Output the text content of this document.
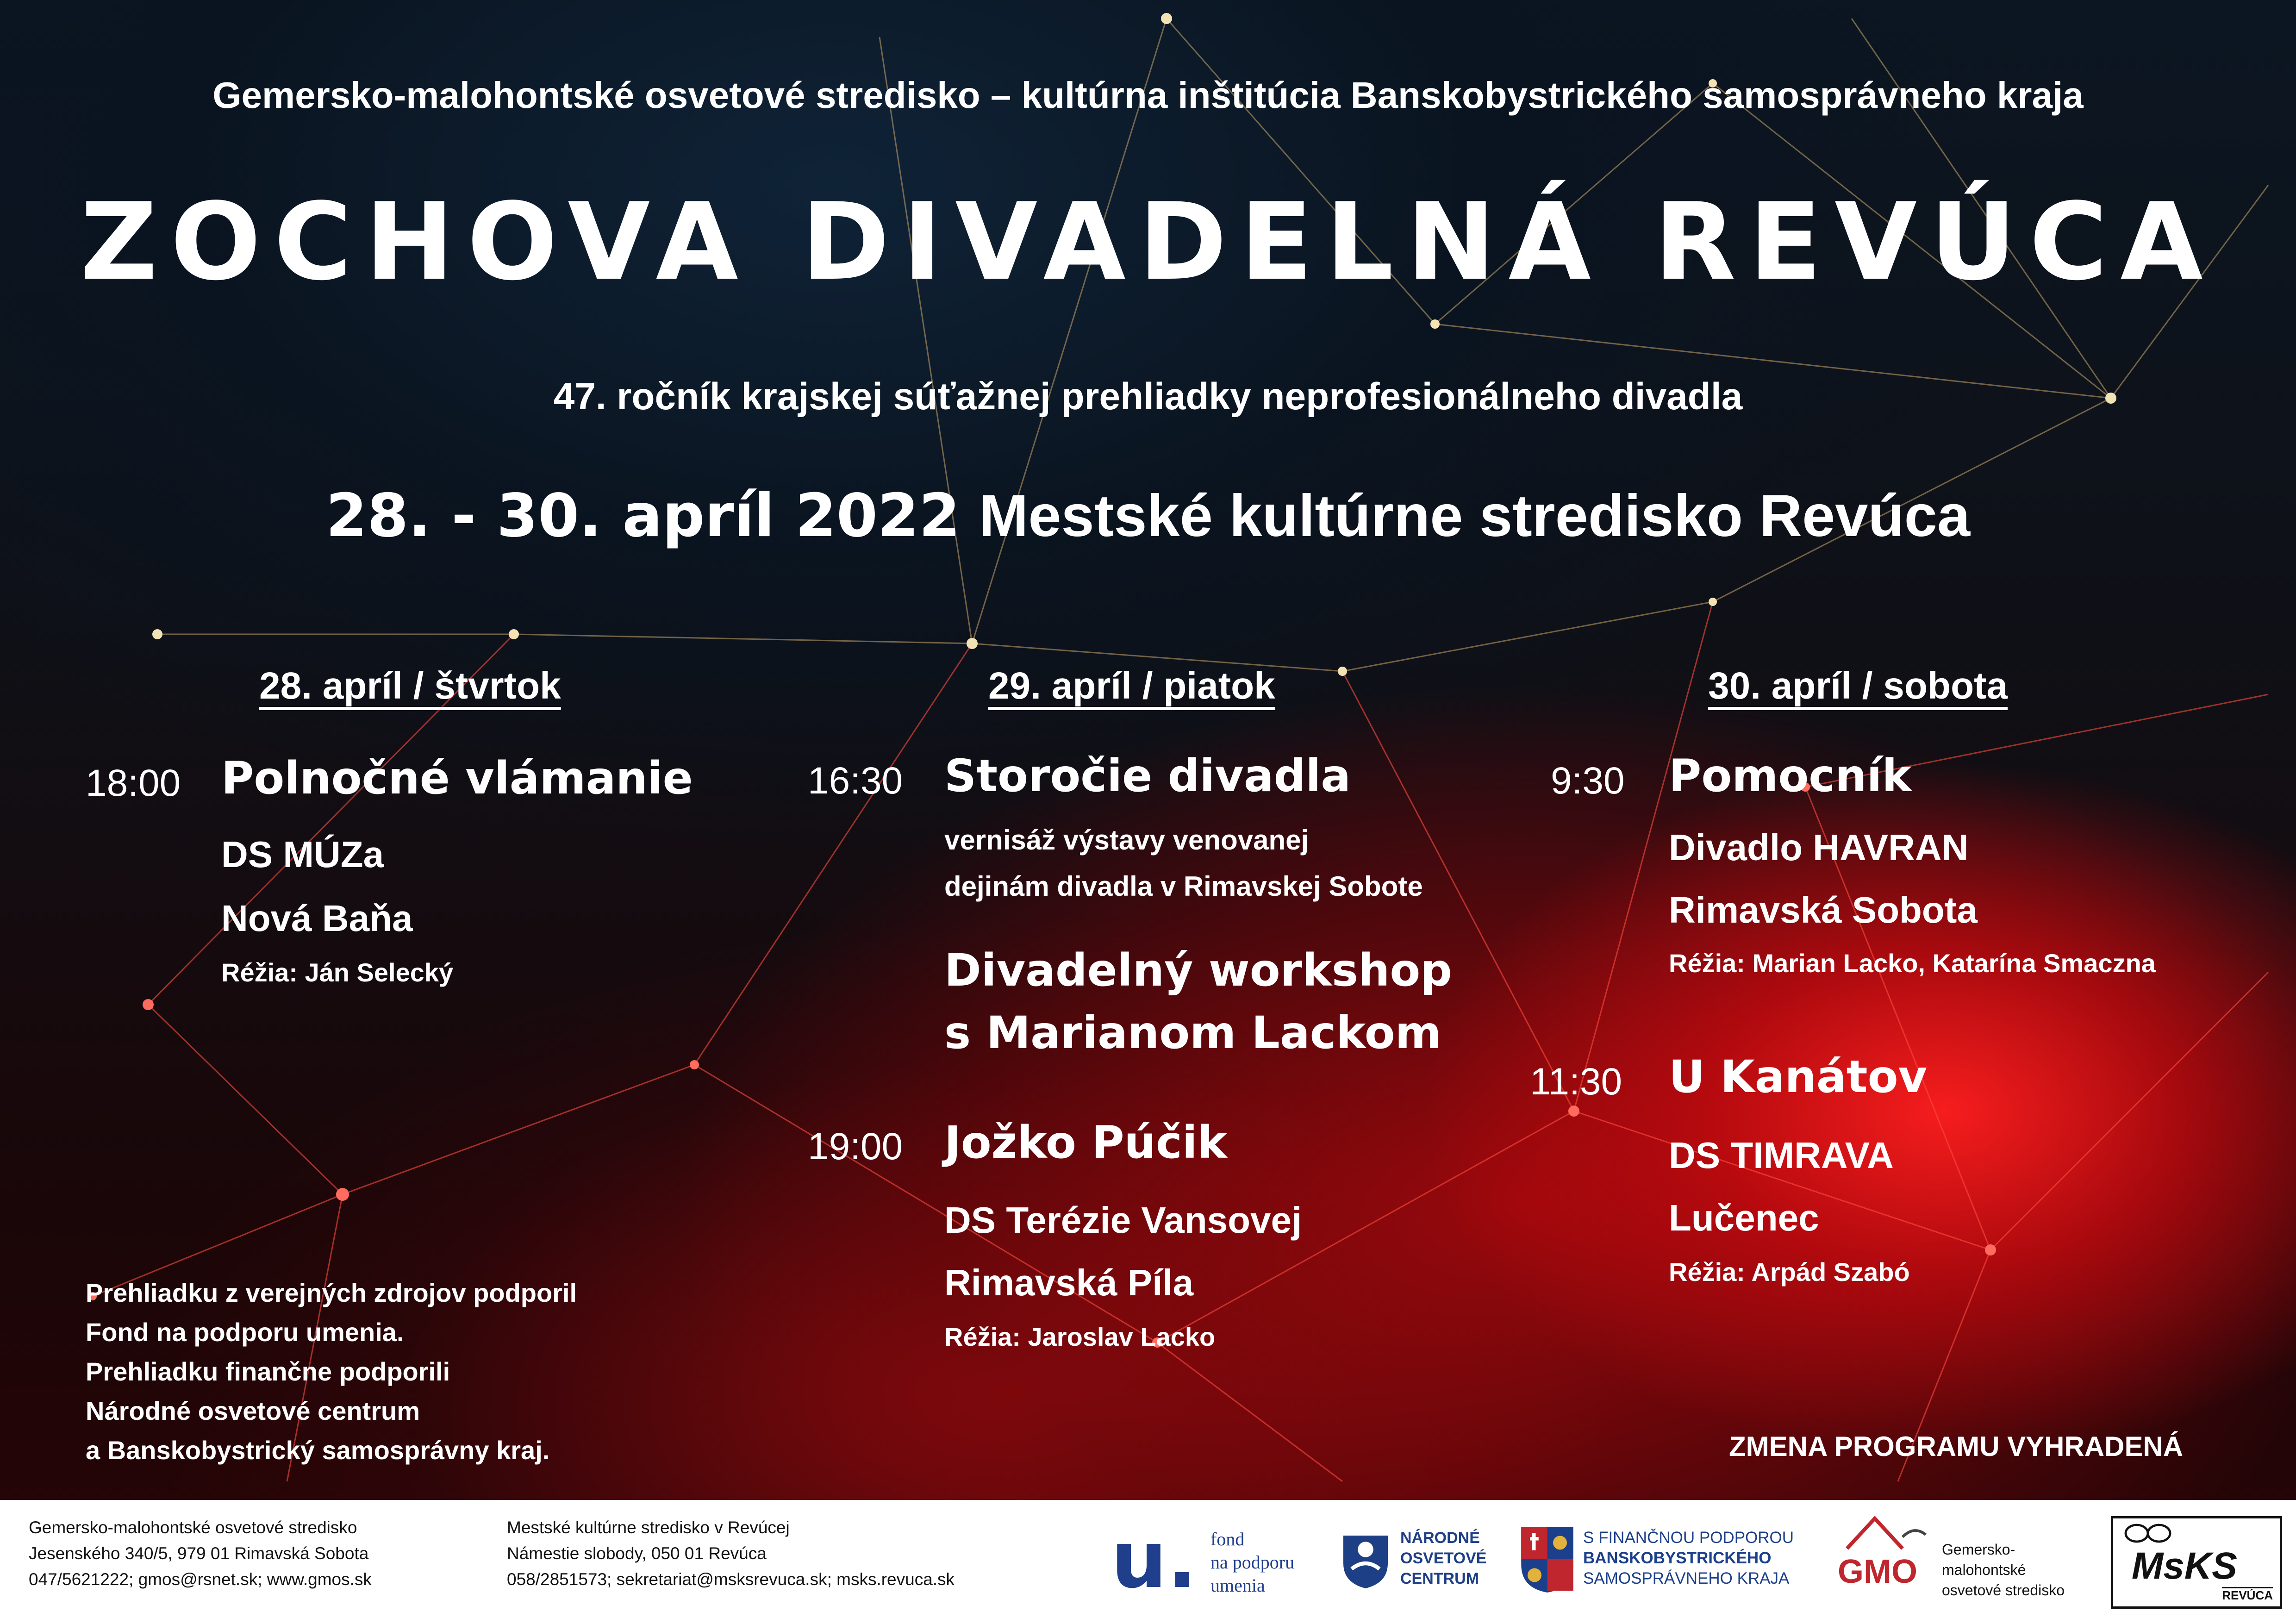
Gemersko-malohontské osvetové stredisko – kultúrna inštitúcia Banskobystrického samosprávneho kraja
ZOCHOVA DIVADELNÁ REVÚCA
47. ročník krajskej súťažnej prehliadky neprofesionálneho divadla
28. - 30. apríl 2022 Mestské kultúrne stredisko Revúca
28. apríl / štvrtok
18:00 Polnočné vlámanie
DS MÚZa
Nová Baňa
Réžia: Ján Selecký
29. apríl / piatok
16:30 Storočie divadla
vernisáž výstavy venovanej
dejinám divadla v Rimavskej Sobote
Divadelný workshop
s Marianom Lackom
19:00 Jožko Púčik
DS Terézie Vansovej
Rimavská Píla
Réžia: Jaroslav Lacko
30. apríl / sobota
9:30 Pomocník
Divadlo HAVRAN
Rimavská Sobota
Réžia: Marian Lacko, Katarína Smaczna
11:30 U Kanátov
DS TIMRAVA
Lučenec
Réžia: Arpád Szabó
Prehliadku z verejných zdrojov podporil
Fond na podporu umenia.
Prehliadku finančne podporili
Národné osvetové centrum
a Banskobystrický samosprávny kraj.	ZMENA PROGRAMU VYHRADENÁ
Gemersko-malohontské osvetové stredisko
Jesenského 340/5, 979 01 Rimavská Sobota
047/5621222; gmos@rsnet.sk; www.gmos.sk
Mestské kultúrne stredisko v Revúcej
Námestie slobody, 050 01 Revúca
058/2851573; sekretariat@msksrevuca.sk; msks.revuca.sk u. fond
na podporu
umenia
NÁRODNÉ
OSVETOVÉ
CENTRUM
S FINANČNOU PODPOROU
BANSKOBYSTRICKÉHO
SAMOSPRÁVNEHO KRAJA GMO
Gemersko-malohontské
osvetové stredisko
MsKS
REVÚCA
